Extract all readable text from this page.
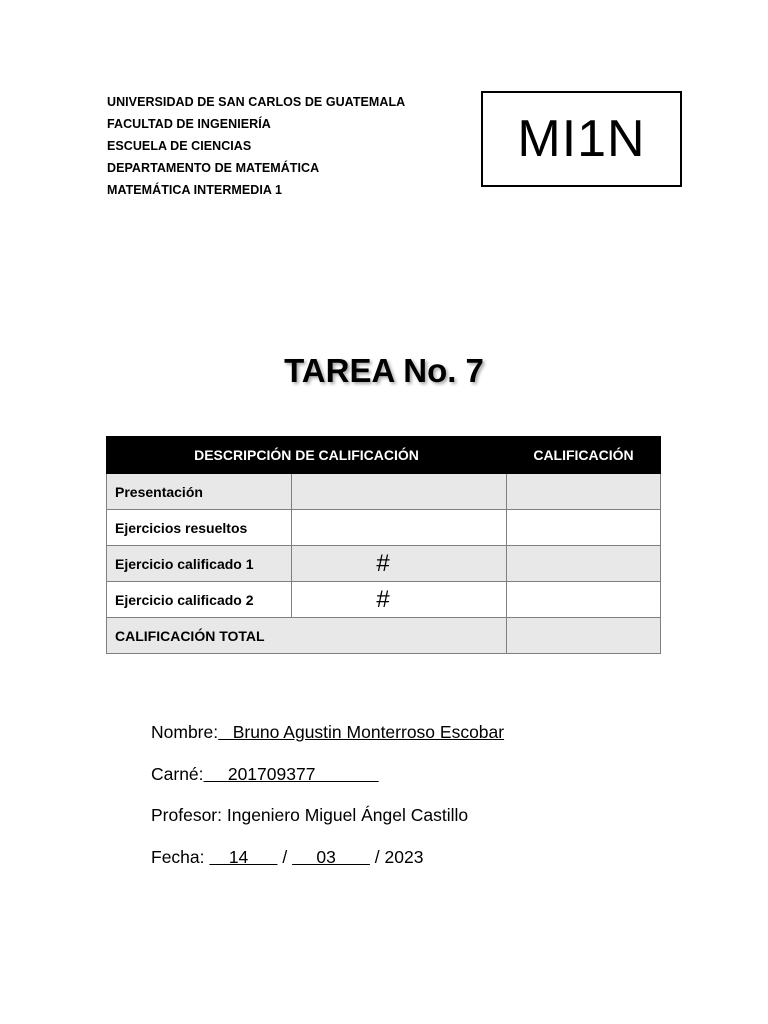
UNIVERSIDAD DE SAN CARLOS DE GUATEMALA
FACULTAD DE INGENIERÍA
ESCUELA DE CIENCIAS
DEPARTAMENTO DE MATEMÁTICA
MATEMÁTICA INTERMEDIA 1
MI1N
TAREA No. 7
DESCRIPCIÓN DE CALIFICACIÓN		CALIFICACIÓN
Presentación		
Ejercicios resueltos		
Ejercicio calificado 1	#	
Ejercicio calificado 2	#	
CALIFICACIÓN TOTAL		
Nombre:   Bruno Agustin Monterroso Escobar
Carné:     201709377
Profesor: Ingeniero Miguel Ángel Castillo
Fecha:     14       /      03        / 2023
